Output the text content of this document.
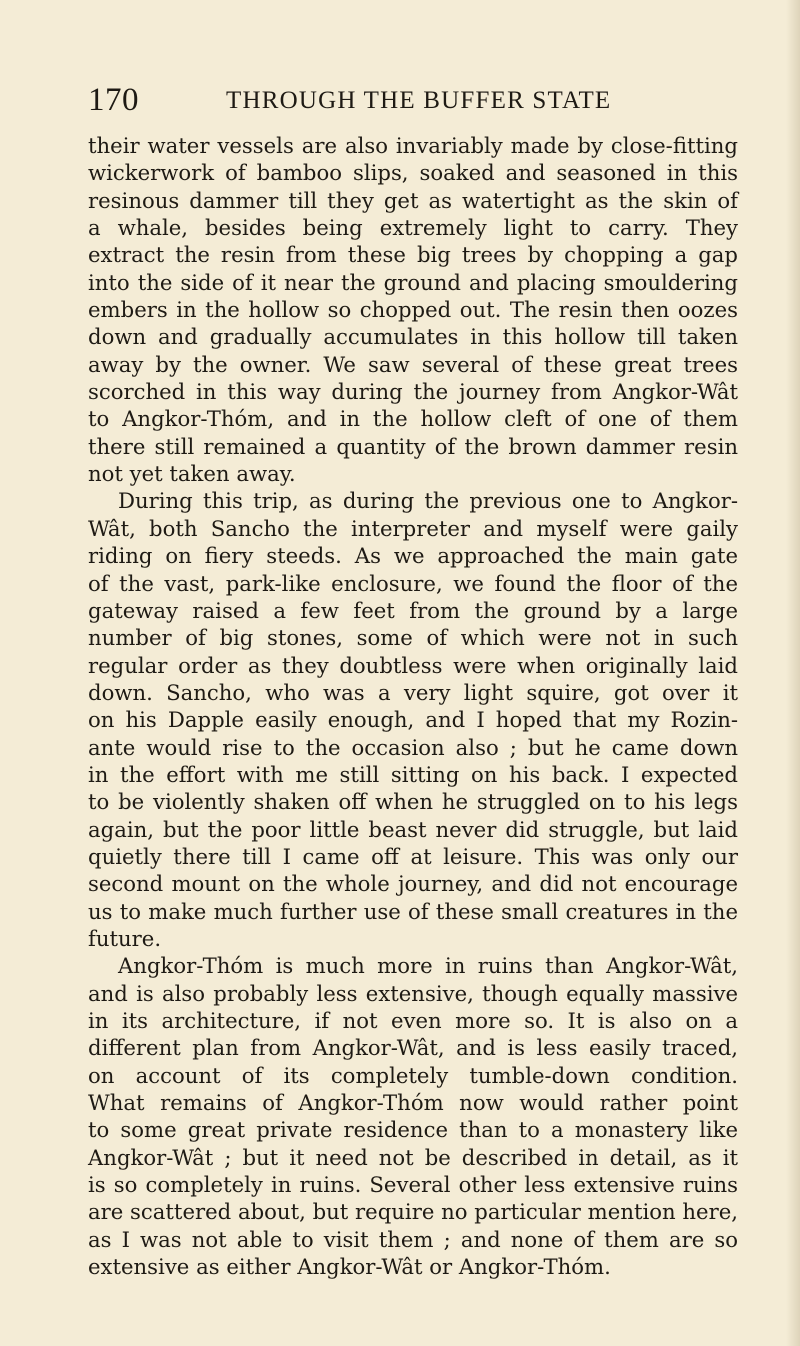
170	THROUGH THE BUFFER STATE
their water vessels are also invariably made by close-fitting
wickerwork of bamboo slips, soaked and seasoned in this
resinous dammer till they get as watertight as the skin of
a whale, besides being extremely light to carry. They
extract the resin from these big trees by chopping a gap
into the side of it near the ground and placing smouldering
embers in the hollow so chopped out. The resin then oozes
down and gradually accumulates in this hollow till taken
away by the owner. We saw several of these great trees
scorched in this way during the journey from Angkor-Wât
to Angkor-Thóm, and in the hollow cleft of one of them
there still remained a quantity of the brown dammer resin
not yet taken away.
During this trip, as during the previous one to Angkor-
Wât, both Sancho the interpreter and myself were gaily
riding on fiery steeds. As we approached the main gate
of the vast, park-like enclosure, we found the floor of the
gateway raised a few feet from the ground by a large
number of big stones, some of which were not in such
regular order as they doubtless were when originally laid
down. Sancho, who was a very light squire, got over it
on his Dapple easily enough, and I hoped that my Rozin-
ante would rise to the occasion also ; but he came down
in the effort with me still sitting on his back. I expected
to be violently shaken off when he struggled on to his legs
again, but the poor little beast never did struggle, but laid
quietly there till I came off at leisure. This was only our
second mount on the whole journey, and did not encourage
us to make much further use of these small creatures in the
future.
Angkor-Thóm is much more in ruins than Angkor-Wât,
and is also probably less extensive, though equally massive
in its architecture, if not even more so. It is also on a
different plan from Angkor-Wât, and is less easily traced,
on account of its completely tumble-down condition.
What remains of Angkor-Thóm now would rather point
to some great private residence than to a monastery like
Angkor-Wât ; but it need not be described in detail, as it
is so completely in ruins. Several other less extensive ruins
are scattered about, but require no particular mention here,
as I was not able to visit them ; and none of them are so
extensive as either Angkor-Wât or Angkor-Thóm.
